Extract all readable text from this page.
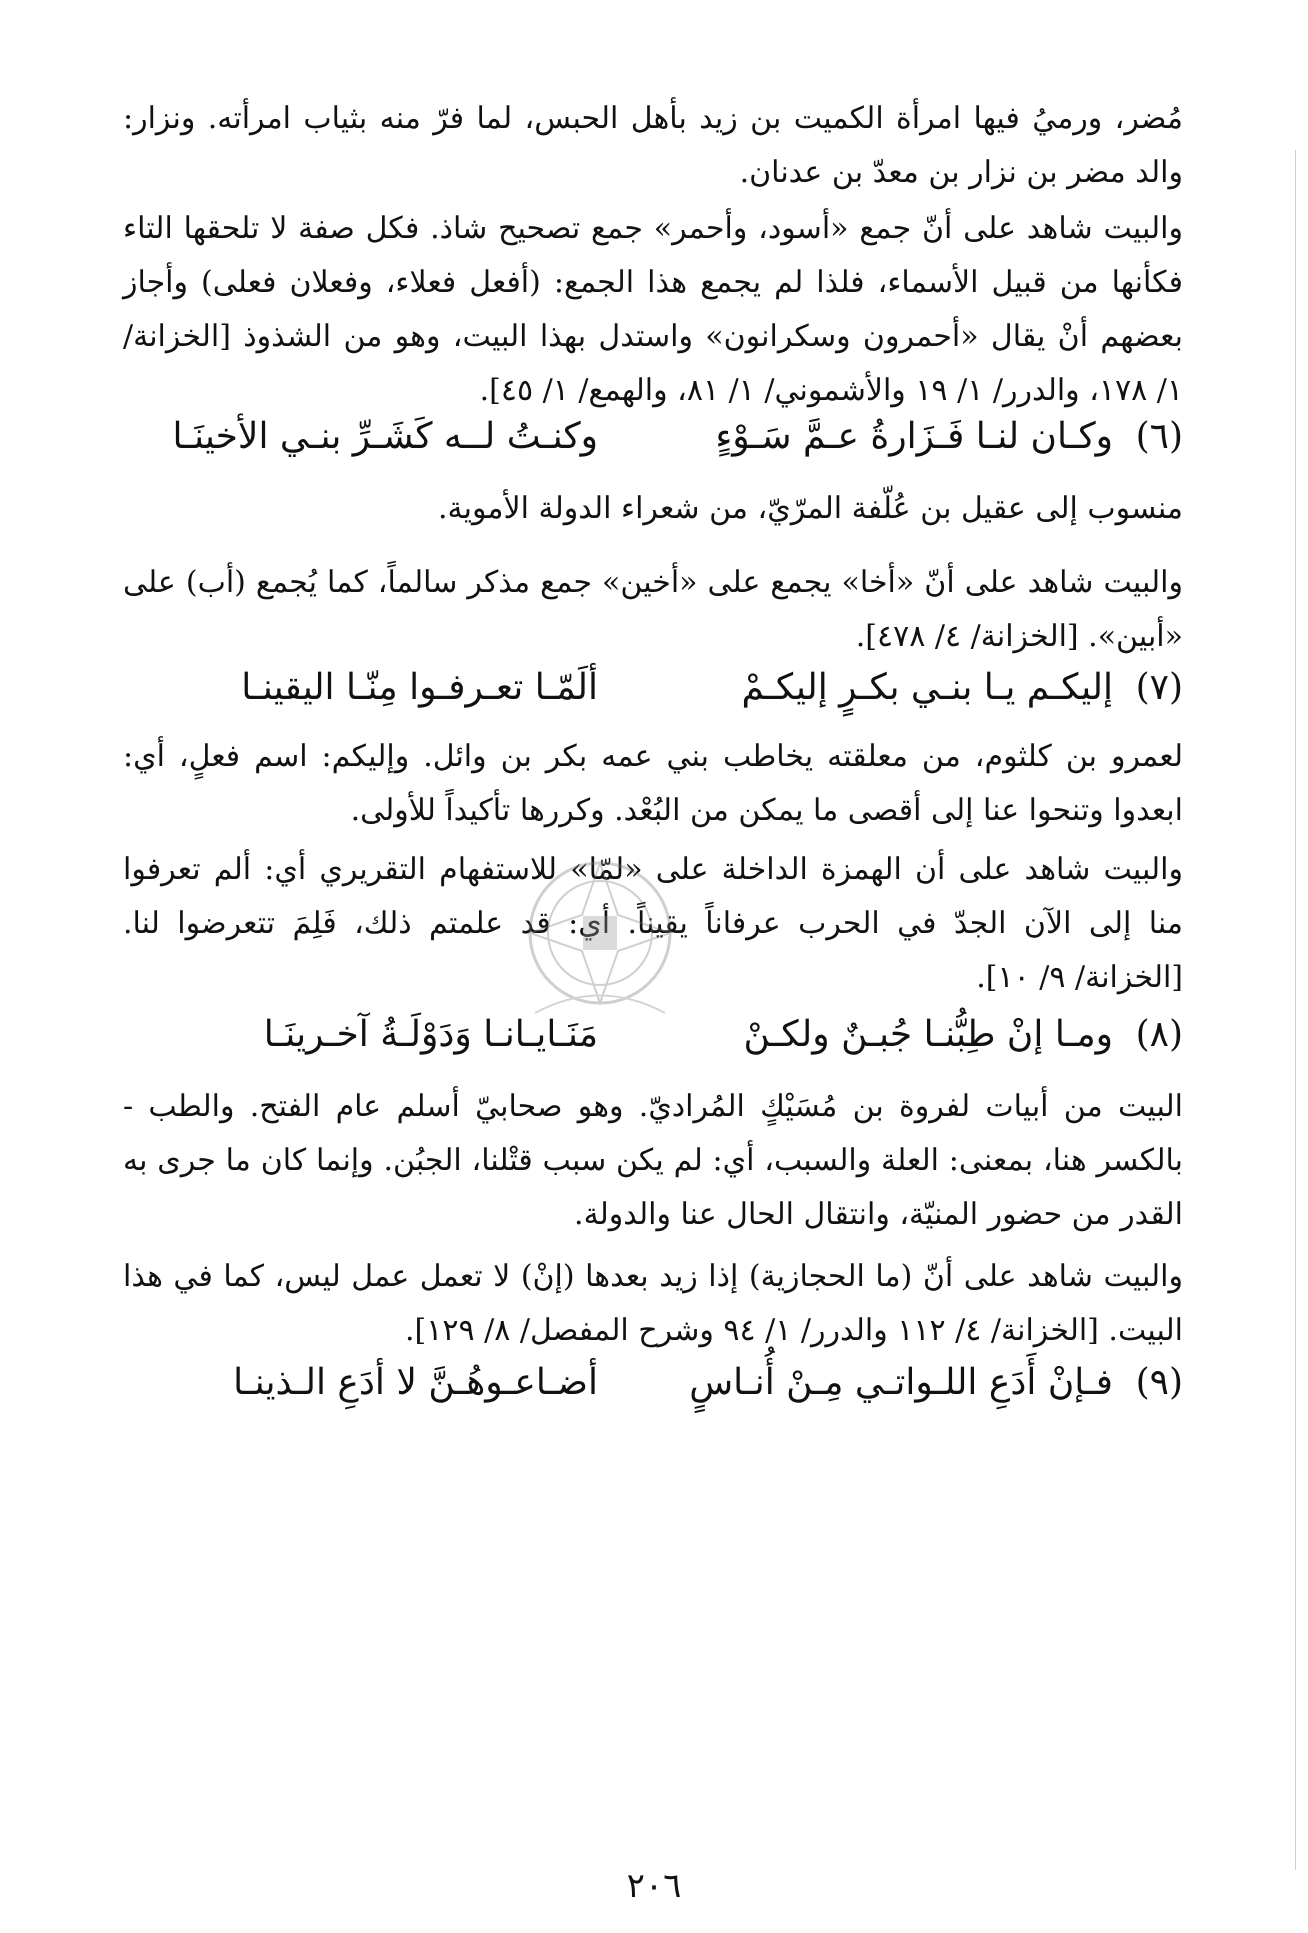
مُضر، ورميُ فيها امرأة الكميت بن زيد بأهل الحبس، لما فرّ منه بثياب امرأته. ونزار: والد مضر بن نزار بن معدّ بن عدنان.

والبيت شاهد على أنّ جمع «أسود، وأحمر» جمع تصحيح شاذ. فكل صفة لا تلحقها التاء فكأنها من قبيل الأسماء، فلذا لم يجمع هذا الجمع: (أفعل فعلاء، وفعلان فعلى) وأجاز بعضهم أنْ يقال «أحمرون وسكرانون» واستدل بهذا البيت، وهو من الشذوذ [الخزانة/ ١/ ١٧٨، والدرر/ ١/ ١٩ والأشموني/ ١/ ٨١، والهمع/ ١/ ٤٥].

(٦)
وكـان لنـا فَـزَارةُ عـمَّ سَـوْءٍ
وكنـتُ لــه كَشَـرِّ بنـي الأخينَـا

منسوب إلى عقيل بن عُلّفة المرّيّ، من شعراء الدولة الأموية.

والبيت شاهد على أنّ «أخا» يجمع على «أخين» جمع مذكر سالماً، كما يُجمع (أب) على «أبين». [الخزانة/ ٤/ ٤٧٨].

(٧)
إليكـم يـا بنـي بكـرٍ إليكـمْ
ألَمّـا تعـرفـوا مِنّـا اليقينـا

لعمرو بن كلثوم، من معلقته يخاطب بني عمه بكر بن وائل. وإليكم: اسم فعلٍ، أي: ابعدوا وتنحوا عنا إلى أقصى ما يمكن من البُعْد. وكررها تأكيداً للأولى.

والبيت شاهد على أن الهمزة الداخلة على «لمّا» للاستفهام التقريري أي: ألم تعرفوا منا إلى الآن الجدّ في الحرب عرفاناً يقيناً. أي: قد علمتم ذلك، فَلِمَ تتعرضوا لنا. [الخزانة/ ٩/ ١٠].

(٨)
ومـا إنْ طِبُّنـا جُبـنٌ ولكـنْ
مَنَـايـانـا وَدَوْلَـةُ آخـرينَـا

البيت من أبيات لفروة بن مُسَيْكٍ المُراديّ. وهو صحابيّ أسلم عام الفتح. والطب - بالكسر هنا، بمعنى: العلة والسبب، أي: لم يكن سبب قتْلنا، الجبُن. وإنما كان ما جرى به القدر من حضور المنيّة، وانتقال الحال عنا والدولة.

والبيت شاهد على أنّ (ما الحجازية) إذا زيد بعدها (إنْ) لا تعمل عمل ليس، كما في هذا البيت. [الخزانة/ ٤/ ١١٢ والدرر/ ١/ ٩٤ وشرح المفصل/ ٨/ ١٢٩].

(٩)
فـإنْ أَدَعِ اللـواتـي مِـنْ أُنـاسٍ
أضـاعـوهُـنَّ لا أدَعِ الـذينـا
٢٠٦
